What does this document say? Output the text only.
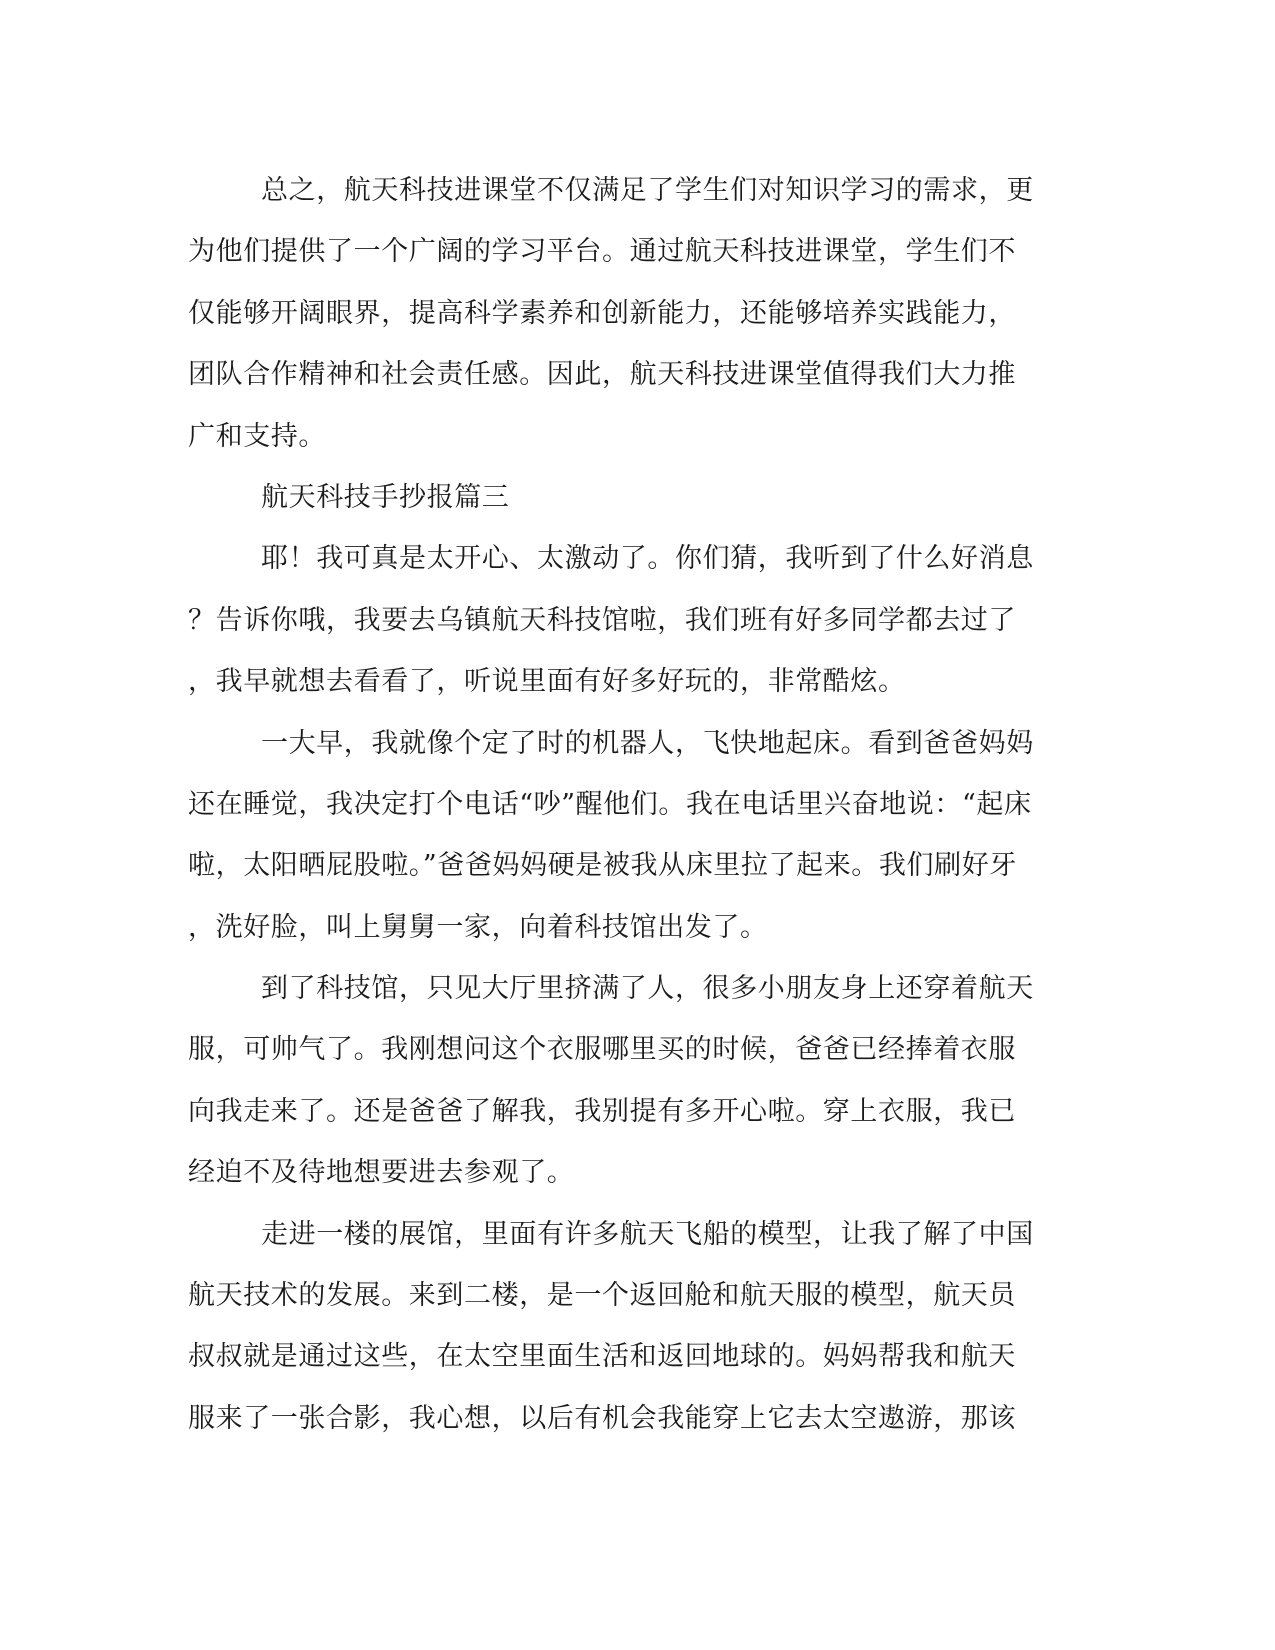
总之，航天科技进课堂不仅满足了学生们对知识学习的需求，更
为他们提供了一个广阔的学习平台。通过航天科技进课堂，学生们不
仅能够开阔眼界，提高科学素养和创新能力，还能够培养实践能力，
团队合作精神和社会责任感。因此，航天科技进课堂值得我们大力推
广和支持。
航天科技手抄报篇三
耶！我可真是太开心、太激动了。你们猜，我听到了什么好消息
？告诉你哦，我要去乌镇航天科技馆啦，我们班有好多同学都去过了
，我早就想去看看了，听说里面有好多好玩的，非常酷炫。
一大早，我就像个定了时的机器人，飞快地起床。看到爸爸妈妈
还在睡觉，我决定打个电话“吵”醒他们。我在电话里兴奋地说：“起床
啦，太阳晒屁股啦。”爸爸妈妈硬是被我从床里拉了起来。我们刷好牙
，洗好脸，叫上舅舅一家，向着科技馆出发了。
到了科技馆，只见大厅里挤满了人，很多小朋友身上还穿着航天
服，可帅气了。我刚想问这个衣服哪里买的时候，爸爸已经捧着衣服
向我走来了。还是爸爸了解我，我别提有多开心啦。穿上衣服，我已
经迫不及待地想要进去参观了。
走进一楼的展馆，里面有许多航天飞船的模型，让我了解了中国
航天技术的发展。来到二楼，是一个返回舱和航天服的模型，航天员
叔叔就是通过这些，在太空里面生活和返回地球的。妈妈帮我和航天
服来了一张合影，我心想，以后有机会我能穿上它去太空遨游，那该
